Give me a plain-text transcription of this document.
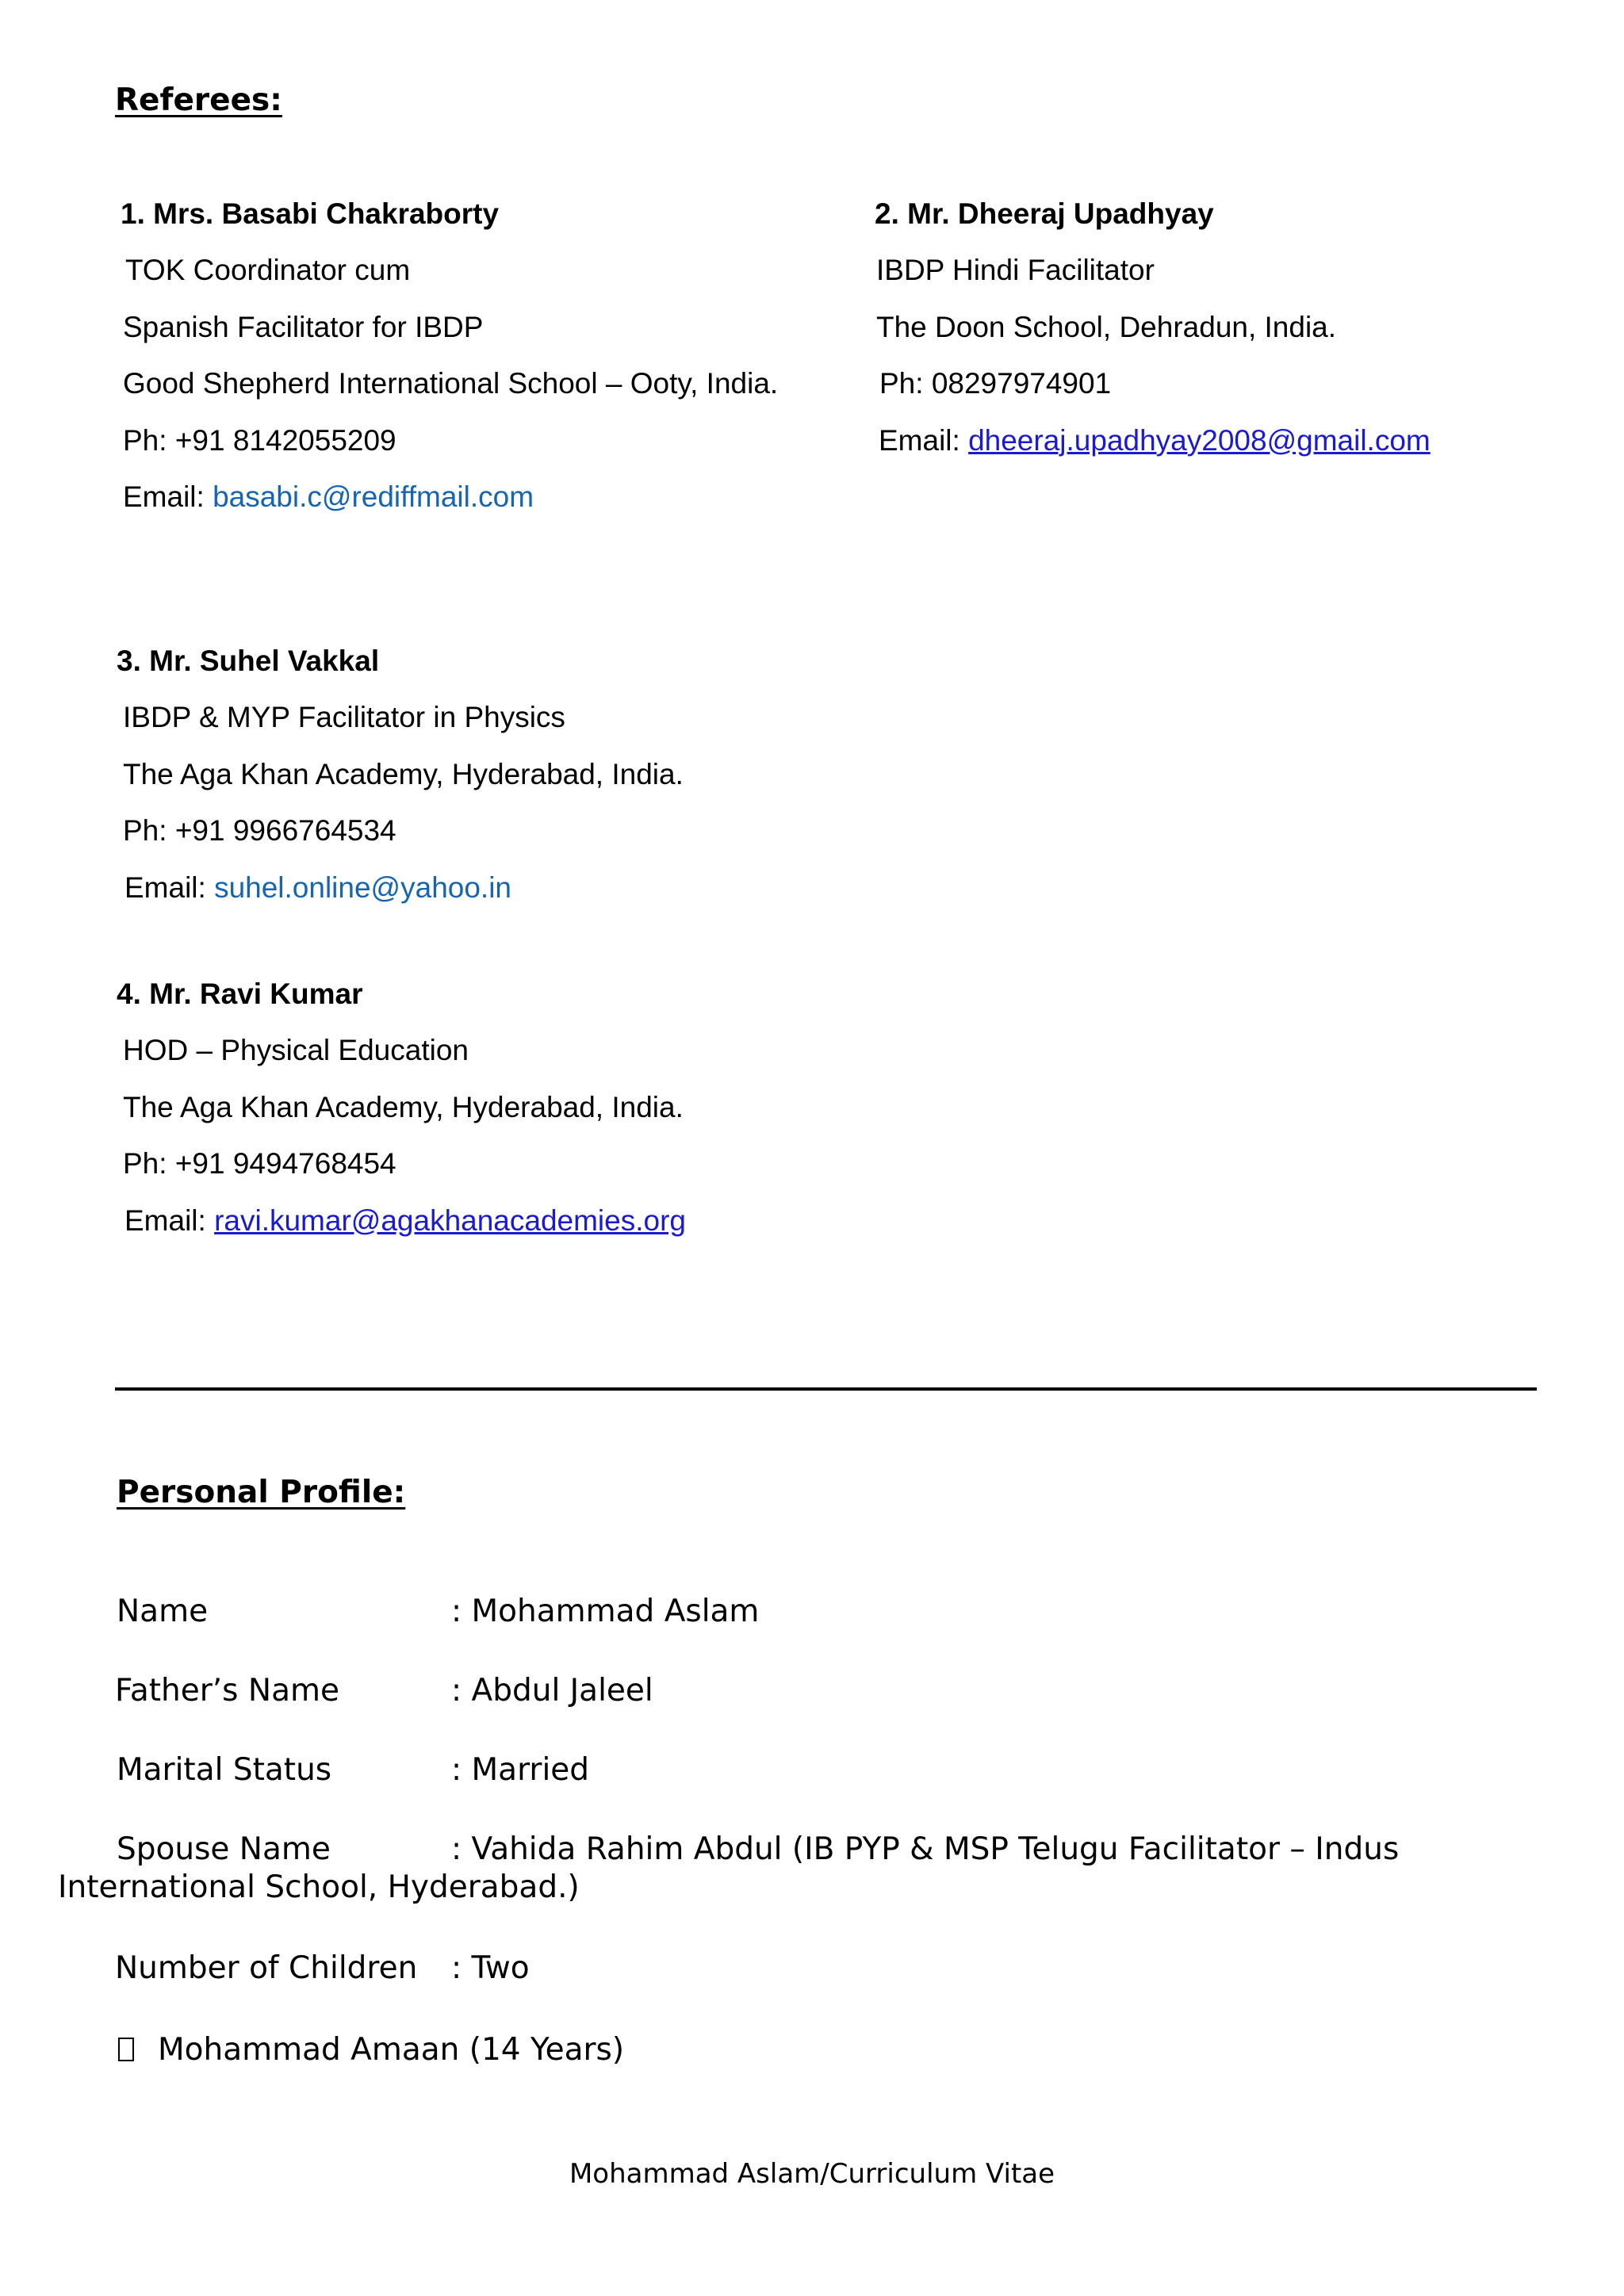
Referees:
1. Mrs. Basabi Chakraborty
TOK Coordinator cum
Spanish Facilitator for IBDP
Good Shepherd International School – Ooty, India.
Ph: +91 8142055209
Email: basabi.c@rediffmail.com
2. Mr. Dheeraj Upadhyay
IBDP Hindi Facilitator
The Doon School, Dehradun, India.
Ph: 08297974901
Email: dheeraj.upadhyay2008@gmail.com
3. Mr. Suhel Vakkal
IBDP & MYP Facilitator in Physics
The Aga Khan Academy, Hyderabad, India.
Ph: +91 9966764534
Email: suhel.online@yahoo.in
4. Mr. Ravi Kumar
HOD – Physical Education
The Aga Khan Academy, Hyderabad, India.
Ph: +91 9494768454
Email: ravi.kumar@agakhanacademies.org
Personal Profile:
Name	: Mohammad Aslam
Father’s Name	: Abdul Jaleel
Marital Status	: Married
Spouse Name	: Vahida Rahim Abdul (IB PYP & MSP Telugu Facilitator – Indus
International School, Hyderabad.)
Number of Children : Two
Mohammad Amaan (14 Years)
Mohammad Aslam/Curriculum Vitae
